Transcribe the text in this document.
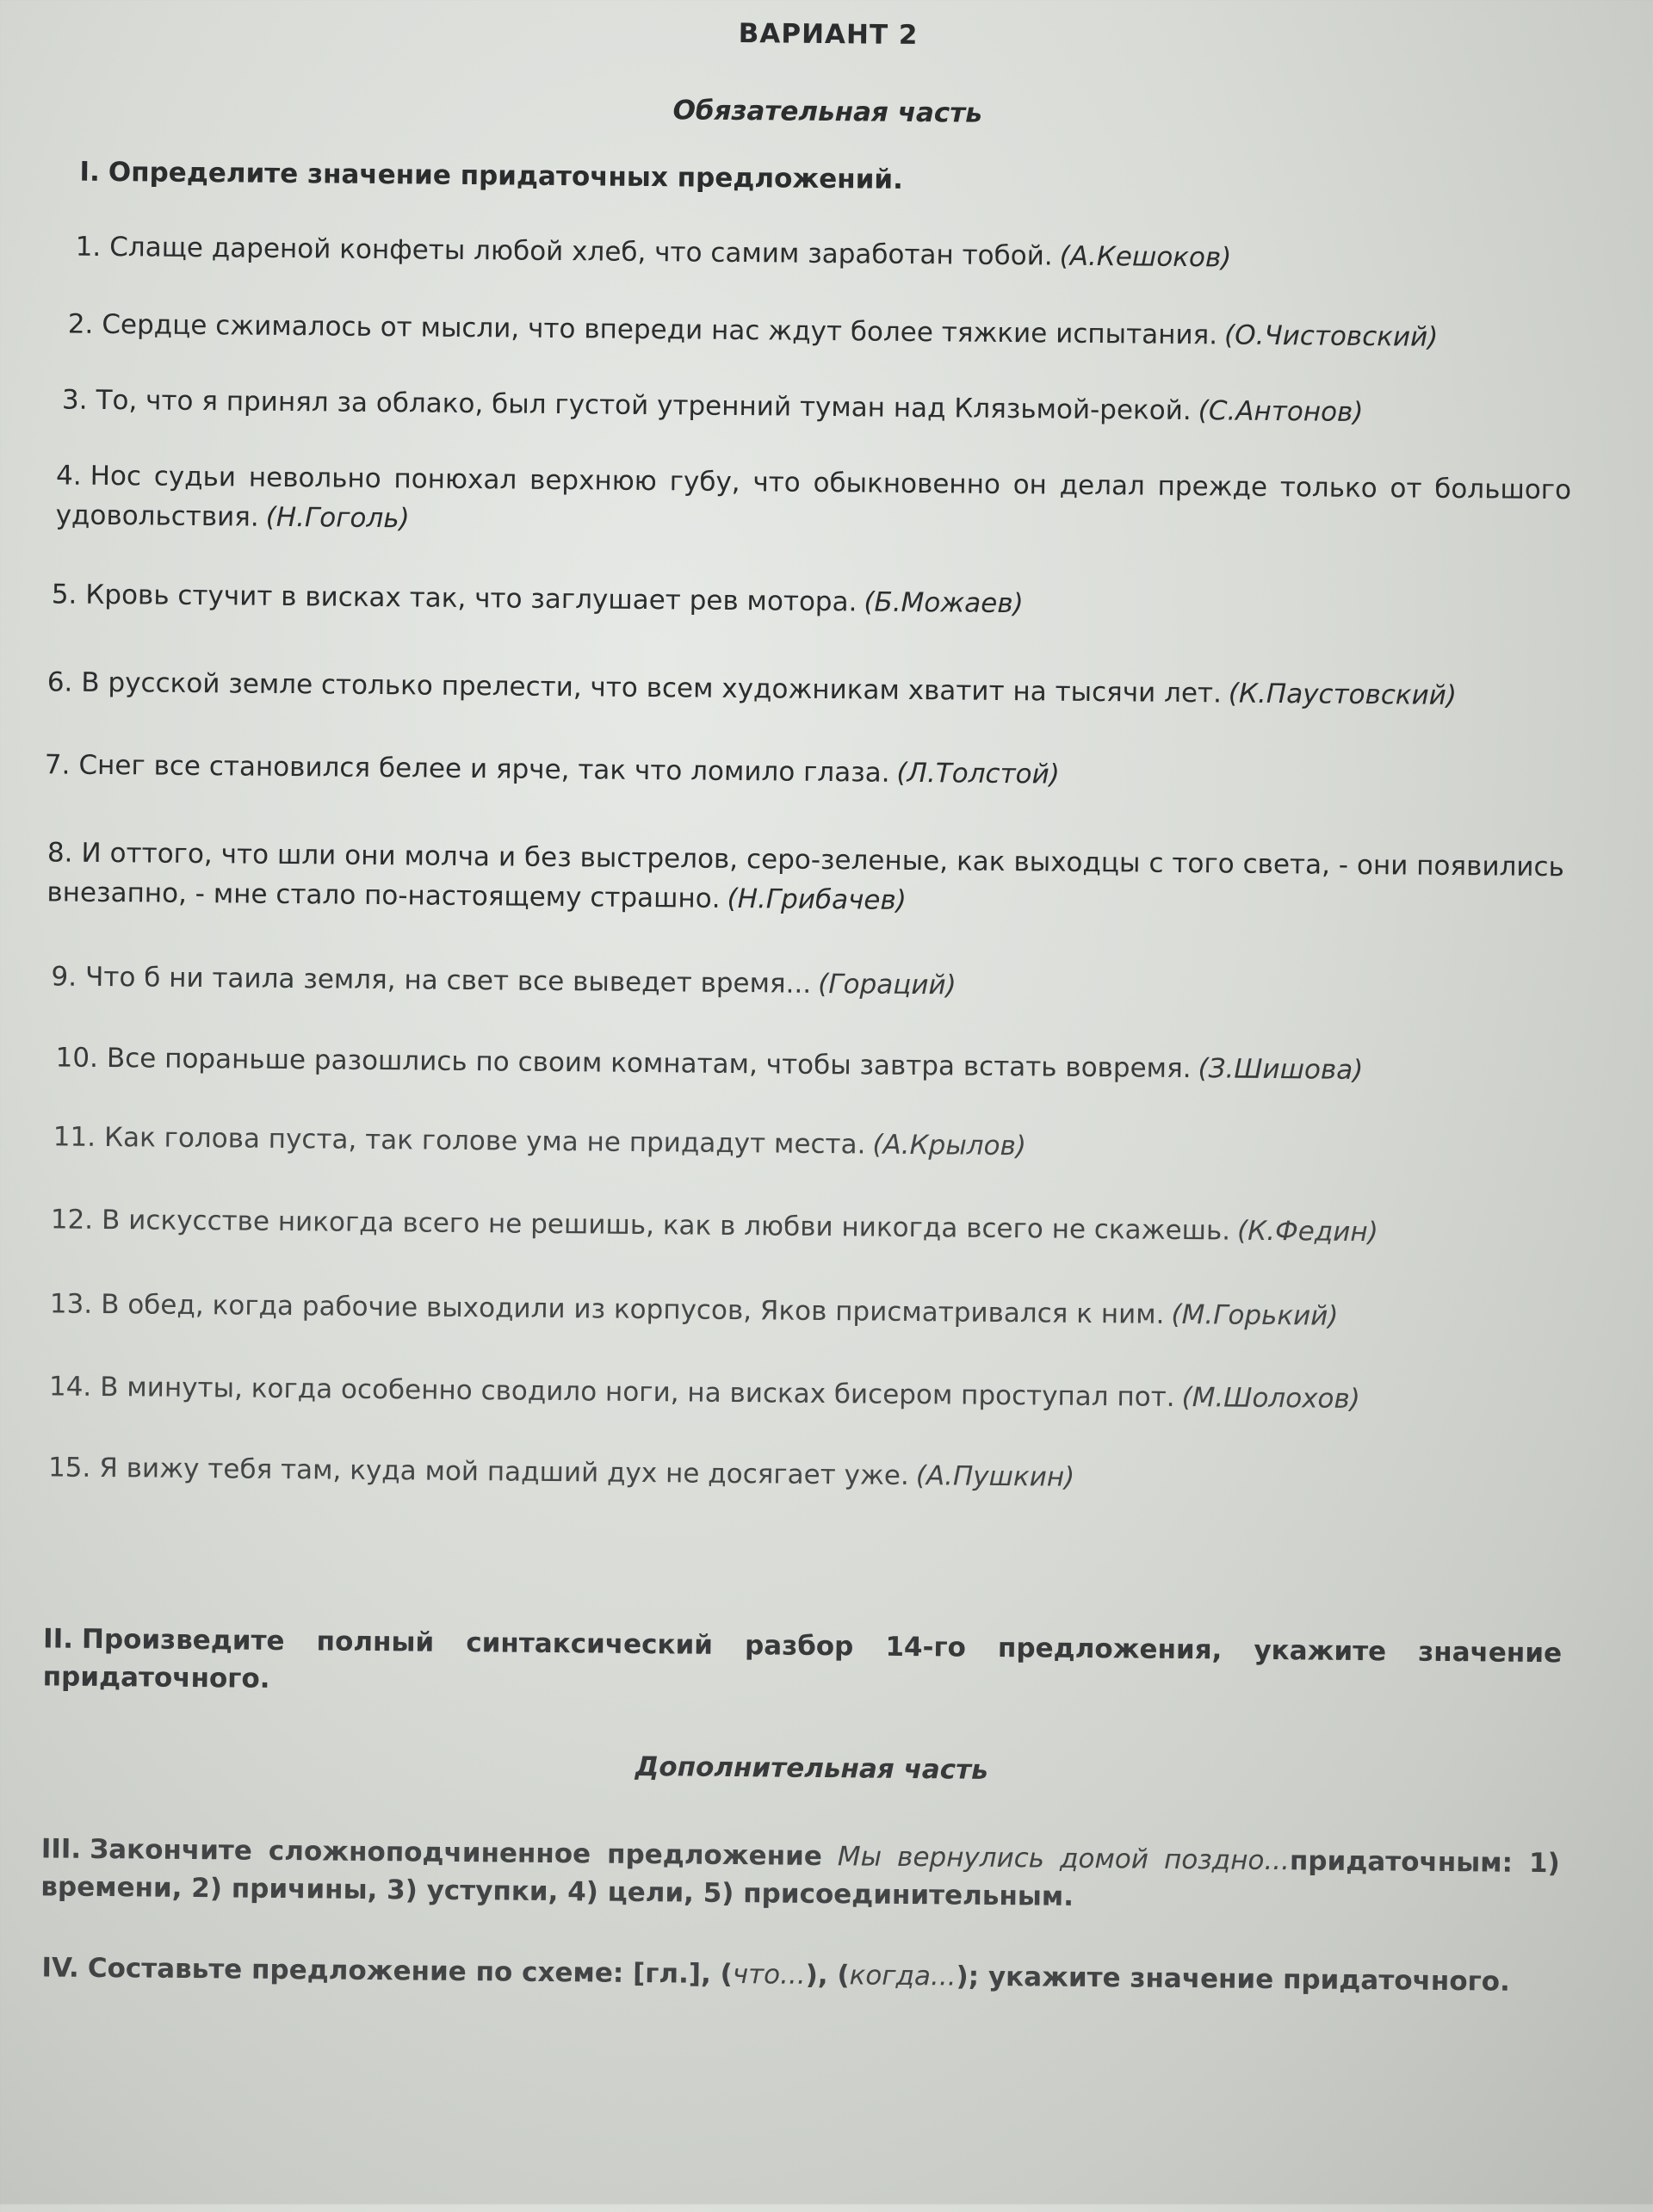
ВАРИАНТ 2
Обязательная часть
I. Определите значение придаточных предложений.
1. Слаще дареной конфеты любой хлеб, что самим заработан тобой. (А.Кешоков)
2. Сердце сжималось от мысли, что впереди нас ждут более тяжкие испытания. (О.Чистовский)
3. То, что я принял за облако, был густой утренний туман над Клязьмой-рекой. (С.Антонов)
4. Нос судьи невольно понюхал верхнюю губу, что обыкновенно он делал прежде только от большого удовольствия. (Н.Гоголь)
5. Кровь стучит в висках так, что заглушает рев мотора. (Б.Можаев)
6. В русской земле столько прелести, что всем художникам хватит на тысячи лет. (К.Паустовский)
7. Снег все становился белее и ярче, так что ломило глаза. (Л.Толстой)
8. И оттого, что шли они молча и без выстрелов, серо-зеленые, как выходцы с того света, - они появились внезапно, - мне стало по-настоящему страшно. (Н.Грибачев)
9. Что б ни таила земля, на свет все выведет время... (Гораций)
10. Все пораньше разошлись по своим комнатам, чтобы завтра встать вовремя. (З.Шишова)
11. Как голова пуста, так голове ума не придадут места. (А.Крылов)
12. В искусстве никогда всего не решишь, как в любви никогда всего не скажешь. (К.Федин)
13. В обед, когда рабочие выходили из корпусов, Яков присматривался к ним. (М.Горький)
14. В минуты, когда особенно сводило ноги, на висках бисером проступал пот. (М.Шолохов)
15. Я вижу тебя там, куда мой падший дух не досягает уже. (А.Пушкин)
II. Произведите полный синтаксический разбор 14-го предложения, укажите значение придаточного.
Дополнительная часть
III. Закончите сложноподчиненное предложение Мы вернулись домой поздно...придаточным: 1) времени, 2) причины, 3) уступки, 4) цели, 5) присоединительным.
IV. Составьте предложение по схеме: [гл.], (что...), (когда...); укажите значение придаточного.
